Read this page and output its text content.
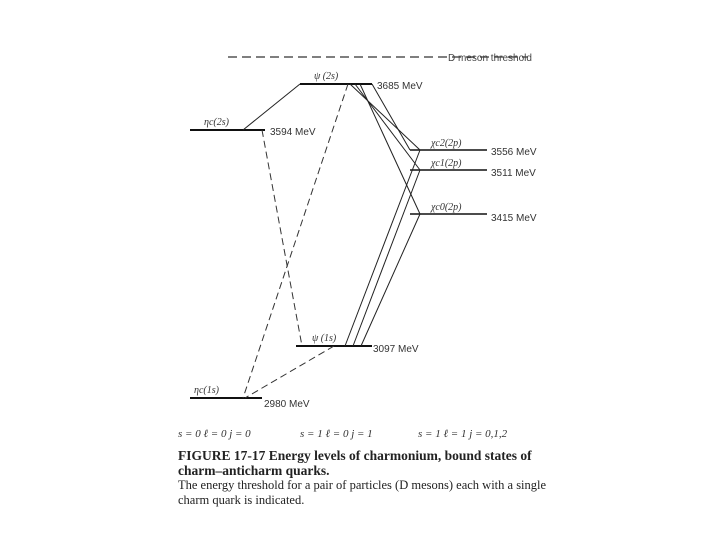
D meson threshold
ψ (2s)
ηc(2s)
χc2(2p)
χc1(2p)
χc0(2p)
ψ (1s)
ηc(1s)
3685 MeV
3594 MeV
3556 MeV
3511 MeV
3415 MeV
3097 MeV
2980 MeV
s = 0 ℓ = 0 j = 0	s = 1 ℓ = 0 j = 1	s = 1 ℓ = 1 j = 0,1,2
FIGURE 17-17 Energy levels of charmonium, bound states of charm–anticharm quarks.
The energy threshold for a pair of particles (D mesons) each with a single charm quark is indicated.
